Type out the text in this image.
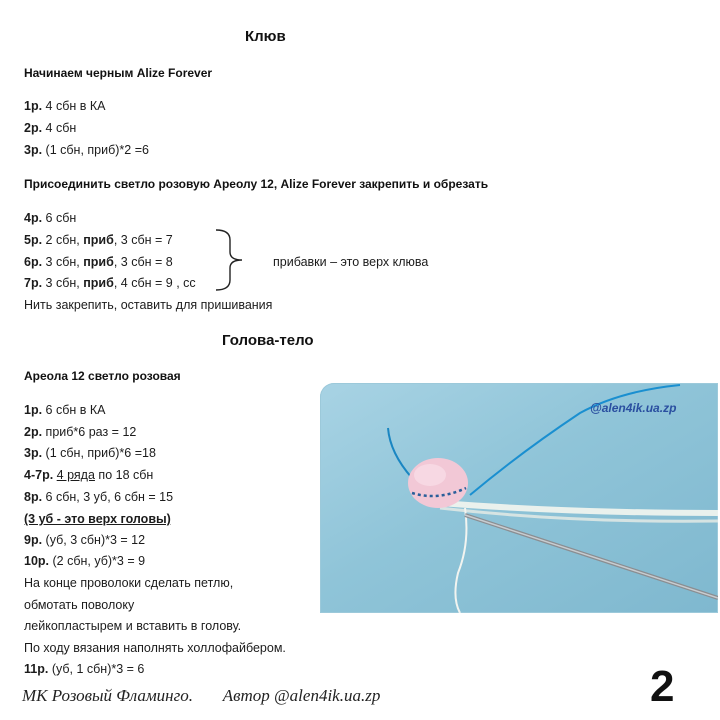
Клюв
Начинаем черным Alize Forever
1р. 4 сбн в КА
2р. 4 сбн
3р. (1 сбн, приб)*2 =6
Присоединить светло розовую Ареолу 12, Alize Forever закрепить и обрезать
4р. 6 сбн
5р. 2 сбн, приб, 3 сбн = 7
6р. 3 сбн, приб, 3 сбн = 8
7р. 3 сбн, приб, 4 сбн = 9 , сс
прибавки – это верх клюва
Нить закрепить, оставить для пришивания
Голова-тело
Ареола 12 светло розовая
1р. 6 сбн в КА
2р. приб*6 раз = 12
3р. (1 сбн, приб)*6 =18
4-7р. 4 ряда по 18 сбн
8р. 6 сбн, 3 уб, 6 сбн = 15
(3 уб - это верх головы)
9р. (уб, 3 сбн)*3 = 12
10р. (2 сбн, уб)*3 = 9
На конце проволоки сделать петлю,
обмотать поволоку
лейкопластырем и вставить в голову.
По ходу вязания наполнять холлофайбером.
11р. (уб, 1 сбн)*3 = 6
@alen4ik.ua.zp
МК Розовый Фламинго.       Автор @alen4ik.ua.zp	2
